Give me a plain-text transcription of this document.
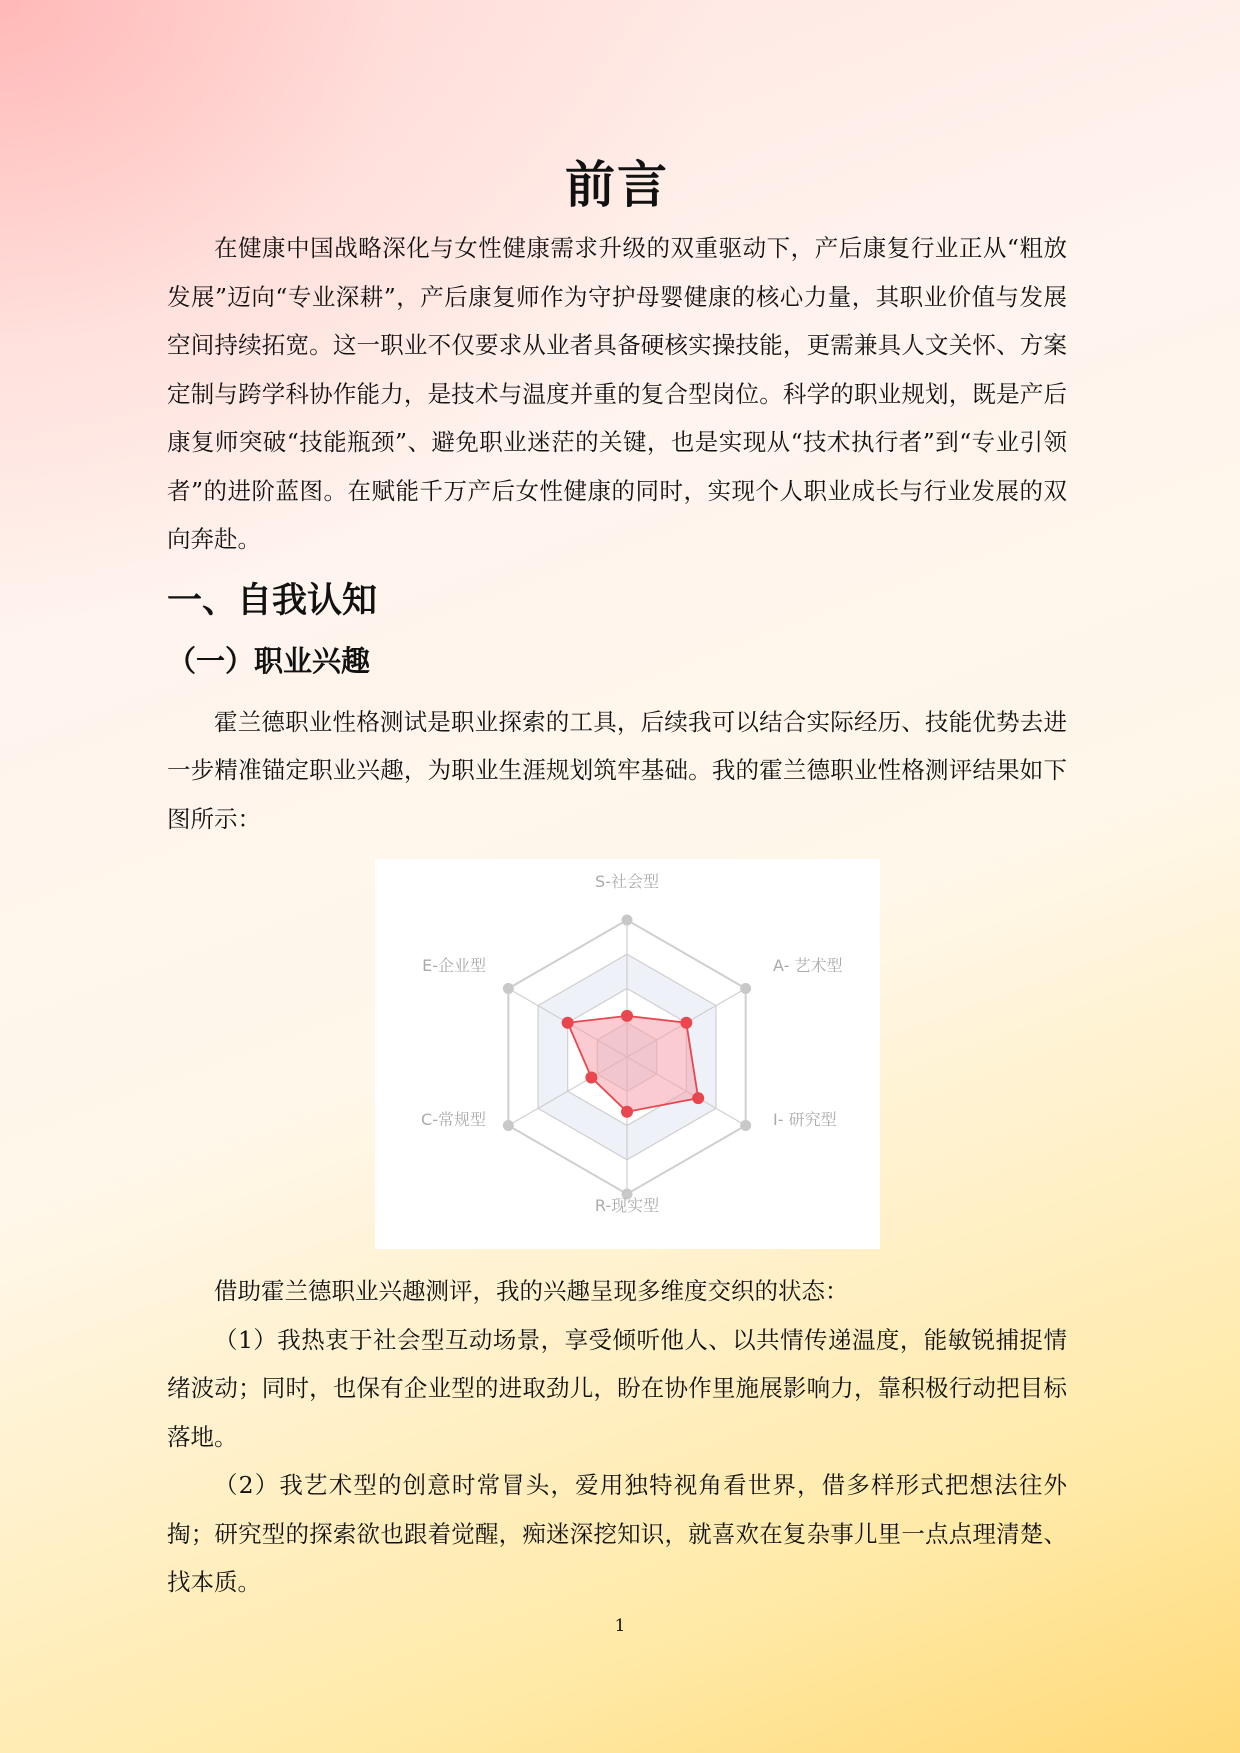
前言

在健康中国战略深化与女性健康需求升级的双重驱动下，产后康复行业正从“粗放发展”迈向“专业深耕”，产后康复师作为守护母婴健康的核心力量，其职业价值与发展空间持续拓宽。这一职业不仅要求从业者具备硬核实操技能，更需兼具人文关怀、方案定制与跨学科协作能力，是技术与温度并重的复合型岗位。科学的职业规划，既是产后康复师突破“技能瓶颈”、避免职业迷茫的关键，也是实现从“技术执行者”到“专业引领者”的进阶蓝图。在赋能千万产后女性健康的同时，实现个人职业成长与行业发展的双向奔赴。

一、自我认知
（一）职业兴趣

霍兰德职业性格测试是职业探索的工具，后续我可以结合实际经历、技能优势去进一步精准锚定职业兴趣，为职业生涯规划筑牢基础。我的霍兰德职业性格测评结果如下图所示：

S-社会型
A- 艺术型
I- 研究型
R-现实型
C-常规型
E-企业型

借助霍兰德职业兴趣测评，我的兴趣呈现多维度交织的状态：

（1）我热衷于社会型互动场景，享受倾听他人、以共情传递温度，能敏锐捕捉情绪波动；同时，也保有企业型的进取劲儿，盼在协作里施展影响力，靠积极行动把目标落地。

（2）我艺术型的创意时常冒头，爱用独特视角看世界，借多样形式把想法往外掏；研究型的探索欲也跟着觉醒，痴迷深挖知识，就喜欢在复杂事儿里一点点理清楚、找本质。

1
